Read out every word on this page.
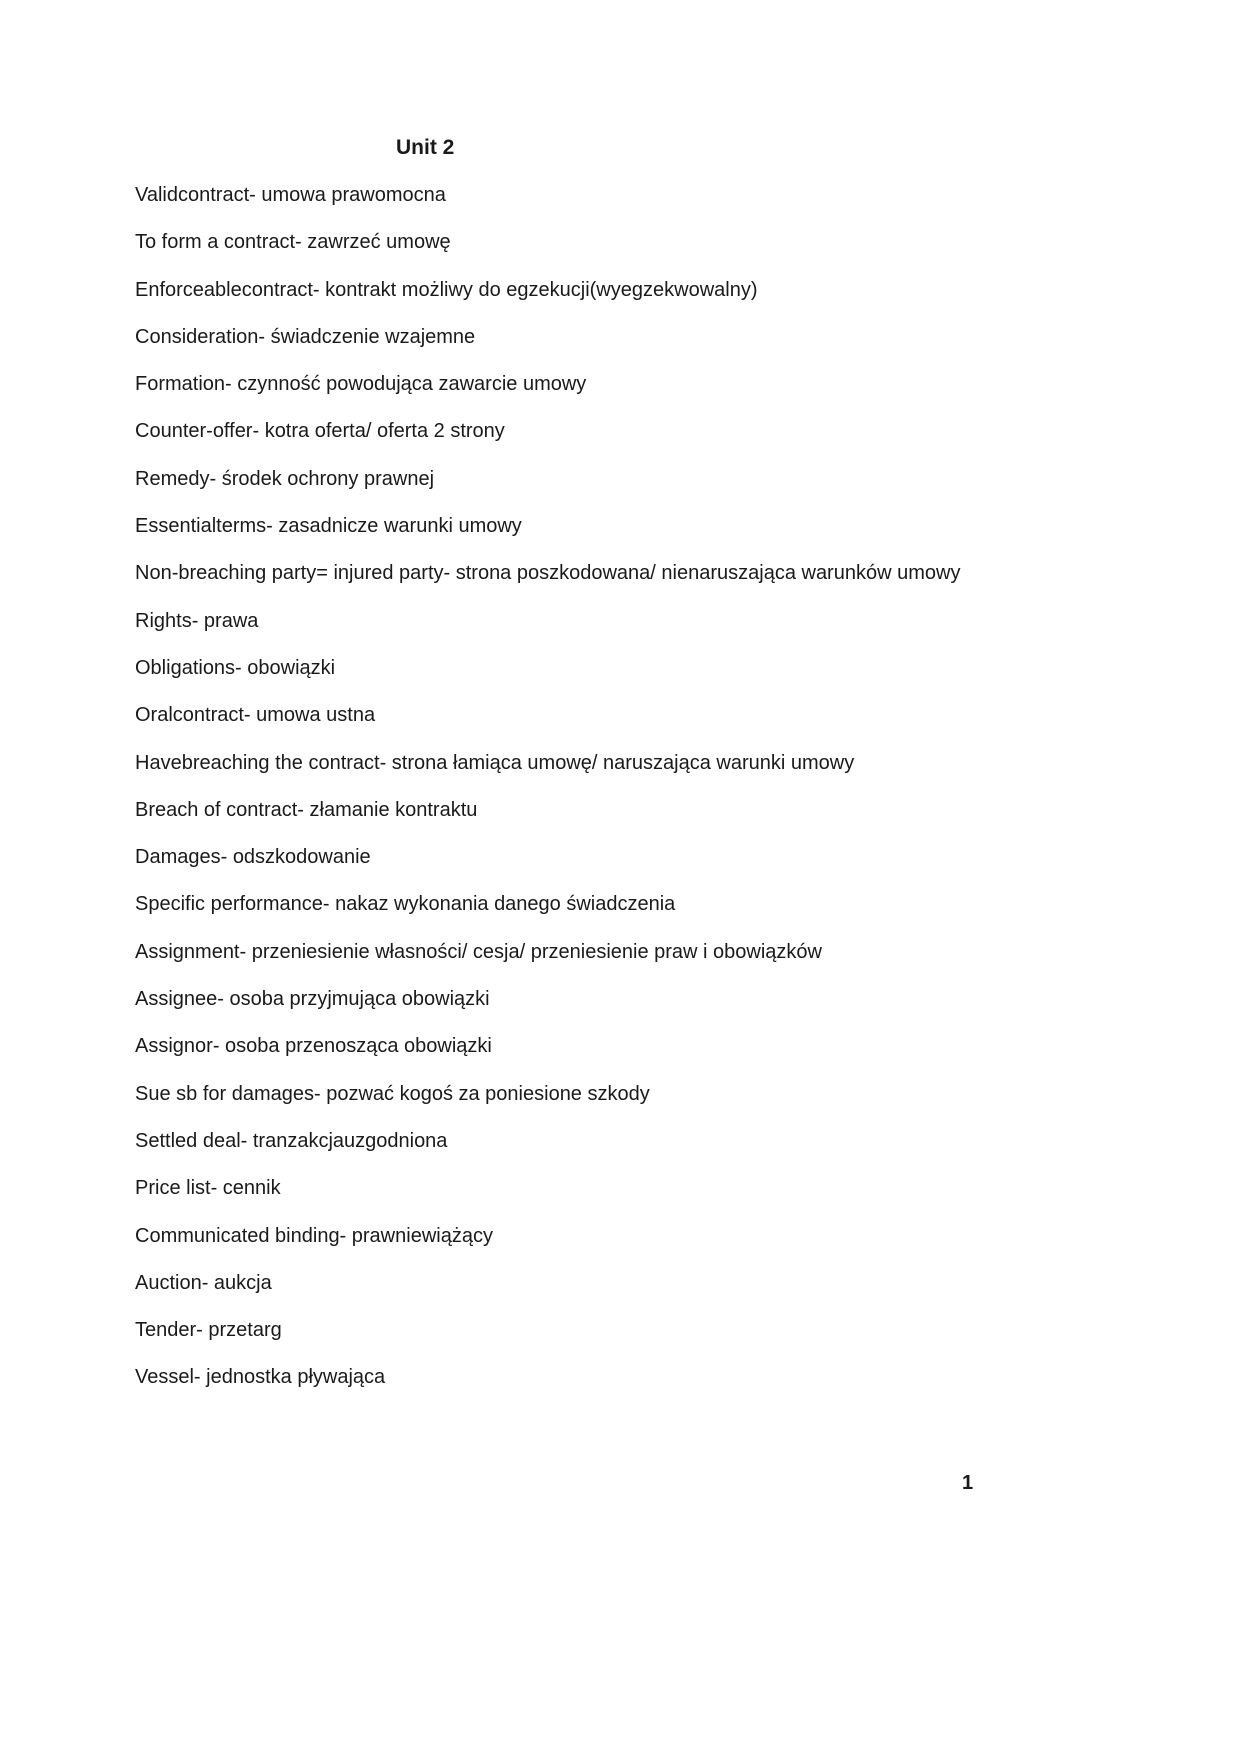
Unit 2

Validcontract- umowa prawomocna

To form a contract- zawrzeć umowę

Enforceablecontract- kontrakt możliwy do egzekucji(wyegzekwowalny)

Consideration- świadczenie wzajemne

Formation- czynność powodująca zawarcie umowy

Counter-offer- kotra oferta/ oferta 2 strony

Remedy- środek ochrony prawnej

Essentialterms- zasadnicze warunki umowy

Non-breaching party= injured party- strona poszkodowana/ nienaruszająca warunków umowy

Rights- prawa

Obligations- obowiązki

Oralcontract- umowa ustna

Havebreaching the contract- strona łamiąca umowę/ naruszająca warunki umowy

Breach of contract- złamanie kontraktu

Damages- odszkodowanie

Specific performance- nakaz wykonania danego świadczenia

Assignment- przeniesienie własności/ cesja/ przeniesienie praw i obowiązków

Assignee- osoba przyjmująca obowiązki

Assignor- osoba przenosząca obowiązki

Sue sb for damages- pozwać kogoś za poniesione szkody

Settled deal- tranzakcjauzgodniona

Price list- cennik

Communicated binding- prawniewiążący

Auction- aukcja

Tender- przetarg

Vessel- jednostka pływająca

1
